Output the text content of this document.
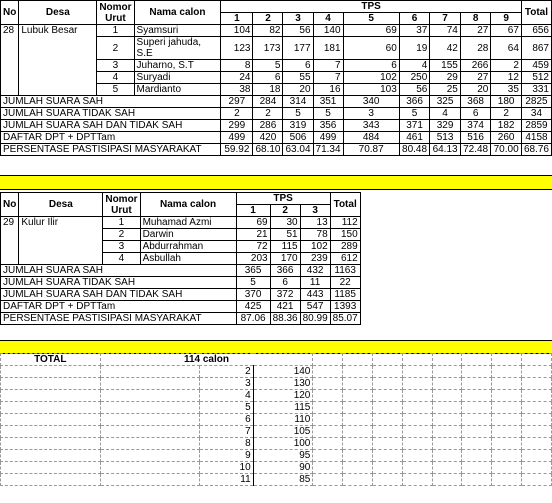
No	Desa	Nomor Urut	Nama calon	TPS									Total
				1	2	3	4	5	6	7	8	9	
28	Lubuk Besar	1	Syamsuri	104	82	56	140	69	37	74	27	67	656
		2	Superi jahuda, S.E	123	173	177	181	60	19	42	28	64	867
		3	Juharno, S.T	8	5	6	7	6	4	155	266	2	459
		4	Suryadi	24	6	55	7	102	250	29	27	12	512
		5	Mardianto	38	18	20	16	103	56	25	20	35	331
JUMLAH SUARA SAH				297	284	314	351	340	366	325	368	180	2825
JUMLAH SUARA TIDAK SAH				2	2	5	5	3	5	4	6	2	34
JUMLAH SUARA SAH DAN TIDAK SAH				299	286	319	356	343	371	329	374	182	2859
DAFTAR DPT + DPTTam				499	420	506	499	484	461	513	516	260	4158
PERSENTASE PASTISIPASI MASYARAKAT				59.92	68.10	63.04	71.34	70.87	80.48	64.13	72.48	70.00	68.76
No	Desa	Nomor Urut	Nama calon	TPS			Total
				1	2	3	
29	Kulur Ilir	1	Muhamad Azmi	69	30	13	112
		2	Darwin	21	51	78	150
		3	Abdurrahman	72	115	102	289
		4	Asbullah	203	170	239	612
JUMLAH SUARA SAH				365	366	432	1163
JUMLAH SUARA TIDAK SAH				5	6	11	22
JUMLAH SUARA SAH DAN TIDAK SAH				370	372	443	1185
DAFTAR DPT + DPTTam				425	421	547	1393
PERSENTASE PASTISIPASI MASYARAKAT				87.06	88.36	80.99	85.07
TOTAL	114 calon										
		2	140								
		3	130								
		4	120								
		5	115								
		6	110								
		7	105								
		8	100								
		9	95								
		10	90								
		11	85								
